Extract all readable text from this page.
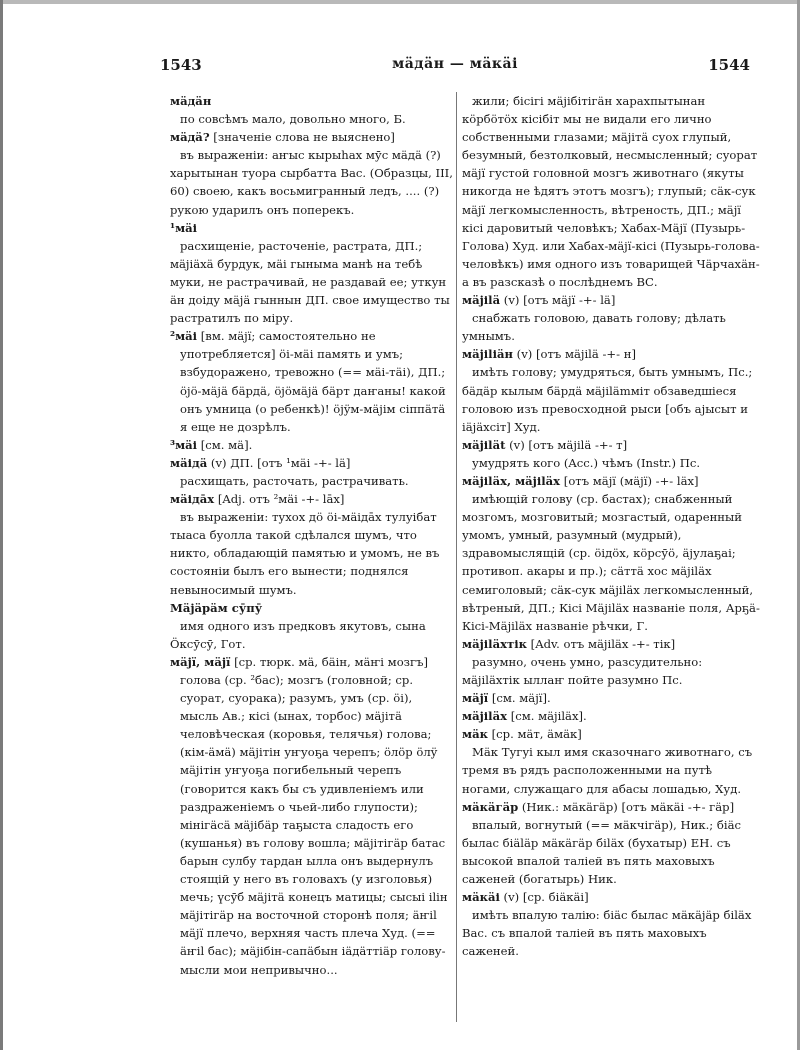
1543	мäдäн — мäкäі	1544

мäдäн

по совсѣмъ мало, довольно много, Б.

мäдä? [значеніе слова не выяснено]

въ выраженіи: аҥыс кырыhах мӯс мäдä (?) харытынан туора сырбатта Вас. (Образцы, III, 60) своею, какъ восьмигранный ледъ, .... (?) рукою ударилъ онъ поперекъ.

¹мäі

расхищеніе, расточеніе, растрата, ДП.; мäjiäxä бурдук, мäі гыныма манѣ на тебѣ муки, не растрачивай, не раздавай ее; уткун äн доіду мäjä гыннын ДП. свое имущество ты растратилъ по міру.

²мäі [вм. мäjï; самостоятельно не употребляется] öi-мäі память и умъ; взбудоражено, тревожно (== мäі-тäі), ДП.; öjö-мäjä бäрдä, öjöмäjä бäрт даҥаны! какой онъ умница (о ребенкѣ)! öjÿм-мäjім сіппäтä я еще не дозрѣлъ.

³мäі [см. мä].

мäідä (v) ДП. [отъ ¹мäі -+- lä]

расхищать, расточать, растрачивать.

мäідāх [Adj. отъ ²мäі -+- lāх]

въ выраженіи: тухох дö öi-мäідāх тулуібат тыаса буолла такой сдѣлался шумъ, что никто, обладающій памятью и умомъ, не въ состояніи былъ его вынести; поднялся невыносимый шумъ.

Мäjäрäм сӯпӯ

имя одного изъ предковъ якутовъ, сына Öксӯсӯ, Гот.

мäjï, мäjï [ср. тюрк. мä, бäін, мäҥі мозгъ] голова (ср. ²бас); мозгъ (головной; ср. суорат, суорака); разумъ, умъ (ср. öі), мысль Ав.; кісі (ынах, торбос) мäjітä человѣческая (коровья, телячья) голова; (кім-äмä) мäjітін уҥуоҕа черепъ; öлöр öлÿ мäjітін уҥуоҕа погибельный черепъ (говорится какъ бы съ удивленіемъ или раздраженіемъ о чьей-либо глупости); мінігäсä мäjібäр таҕыста сладость его (кушанья) въ голову вошла; мäjітігäр батас барын сулбу тардан ылла онъ выдернулъ стоящій у него въ головахъ (у изголовья) мечь; үсӯб мäjітä конецъ матицы; сысыі іlін мäjітігäр на восточной сторонѣ поля; äҥіl мäjï плечо, верхняя часть плеча Худ. (== äҥіl бас); мäjібін-сапäбын іäдäттіäр голову-мысли мои непривычно...

жили; бісігі мäjібітігäн харахпытынан кöрбöтöх кісібіт мы не видали его лично собственными глазами; мäjітä суох глупый, безумный, безтолковый, несмысленный; суорат мäjï густой головной мозгъ животнаго (якуты никогда не ѣдятъ этотъ мозгъ); глупый; сäк-сук мäjï легкомысленность, вѣтреность, ДП.; мäjï кісі даровитый человѣкъ; Хабах-Мäjï (Пузырь-Голова) Худ. или Хабах-мäjï-кісі (Пузырь-голова-человѣкъ) имя одного изъ товарищей Чäрчахäн-а въ разсказѣ о послѣднемъ ВС.

мäjіlä (v) [отъ мäjï -+- lä]

снабжать головою, давать голову; дѣлать умнымъ.

мäjіlіäн (v) [отъ мäjіlä -+- н]

имѣть голову; умудряться, быть умнымъ, Пс.; бäдäр кылым бäрдä мäjіlämміт обзаведшіеся головою изъ превосходной рыси [объ аjысыт и іäjäxсіт] Худ.

мäjіlät (v) [отъ мäjіlä -+- т]

умудрять кого (Acc.) чѣмъ (Instr.) Пс.

мäjіläх, мäjіläх [отъ мäjï (мäjï) -+- läх]

имѣющій голову (ср. бастах); снабженный мозгомъ, мозговитый; мозгастый, одаренный умомъ, умный, разумный (мудрый), здравомыслящій (ср. öідöх, кöрсӯö, äjулаҕаі; противоп. акары и пр.); сäттä хос мäjіläх семиголовый; сäк-сук мäjіläх легкомысленный, вѣтреный, ДП.; Кісі Мäjіläх названіе поля, Арҕä-Кісі-Мäjіläх названіе рѣчки, Г.

мäjіläхтік [Adv. отъ мäjіläх -+- тік]

разумно, очень умно, разсудительно: мäjіläхтік ыллаҥ пойте разумно Пс.

мäjï [см. мäjï].

мäjіläх [см. мäjіläх].

мäк [ср. мäт, äмäк]

Мäк Тугуі кыл имя сказочнаго животнаго, съ тремя въ рядъ расположенными на путѣ ногами, служащаго для абасы лошадью, Худ.

мäкäгäр (Ник.: мäкäгäр) [отъ мäкäі -+- гäр]

впалый, вогнутый (== мäкчігäр), Ник.; біäс былас біäläр мäкäгäр біläх (бухатыр) ЕН. съ высокой впалой таліей въ пять маховыхъ саженей (богатырь) Ник.

мäкäі (v) [ср. біäкäі]

имѣть впалую талію: біäс былас мäкäjäр біläх Вас. съ впалой таліей въ пять маховыхъ саженей.
